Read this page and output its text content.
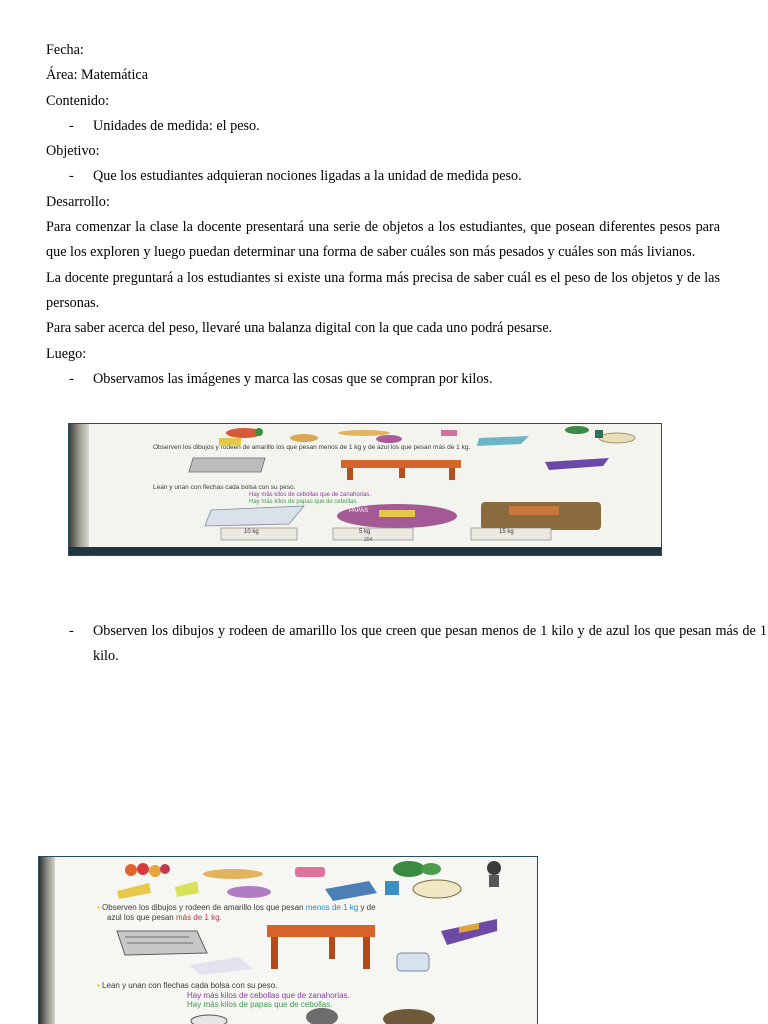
Fecha:
Área: Matemática
Contenido:
- Unidades de medida: el peso.
Objetivo:
- Que los estudiantes adquieran nociones ligadas a la unidad de medida peso.
Desarrollo:
Para comenzar la clase la docente presentará una serie de objetos a los estudiantes, que posean diferentes pesos para que los exploren y luego puedan determinar una forma de saber cuáles son más pesados y cuáles son más livianos.
La docente preguntará a los estudiantes si existe una forma más precisa de saber cuál es el peso de los objetos y de las personas.
Para saber acerca del peso, llevaré una balanza digital con la que cada uno podrá pesarse.
Luego:
- Observamos las imágenes y marca las cosas que se compran por kilos.
Observen los dibujos y rodeen de amarillo los que pesan menos de 1 kg y de azul los que pesan más de 1 kg.
Lean y unan con flechas cada bolsa con su peso.
Hay más kilos de cebollas que de zanahorias.
Hay más kilos de papas que de cebollas.
PAPAS
10 kg	5 kg	15 kg
204
- Observen los dibujos y rodeen de amarillo los que creen que pesan menos de 1 kilo y de azul los que pesan más de 1 kilo.
• Observen los dibujos y rodeen de amarillo los que pesan menos de 1 kg y de
azul los que pesan más de 1 kg.
• Lean y unan con flechas cada bolsa con su peso.
Hay más kilos de cebollas que de zanahorias.
Hay más kilos de papas que de cebollas.
